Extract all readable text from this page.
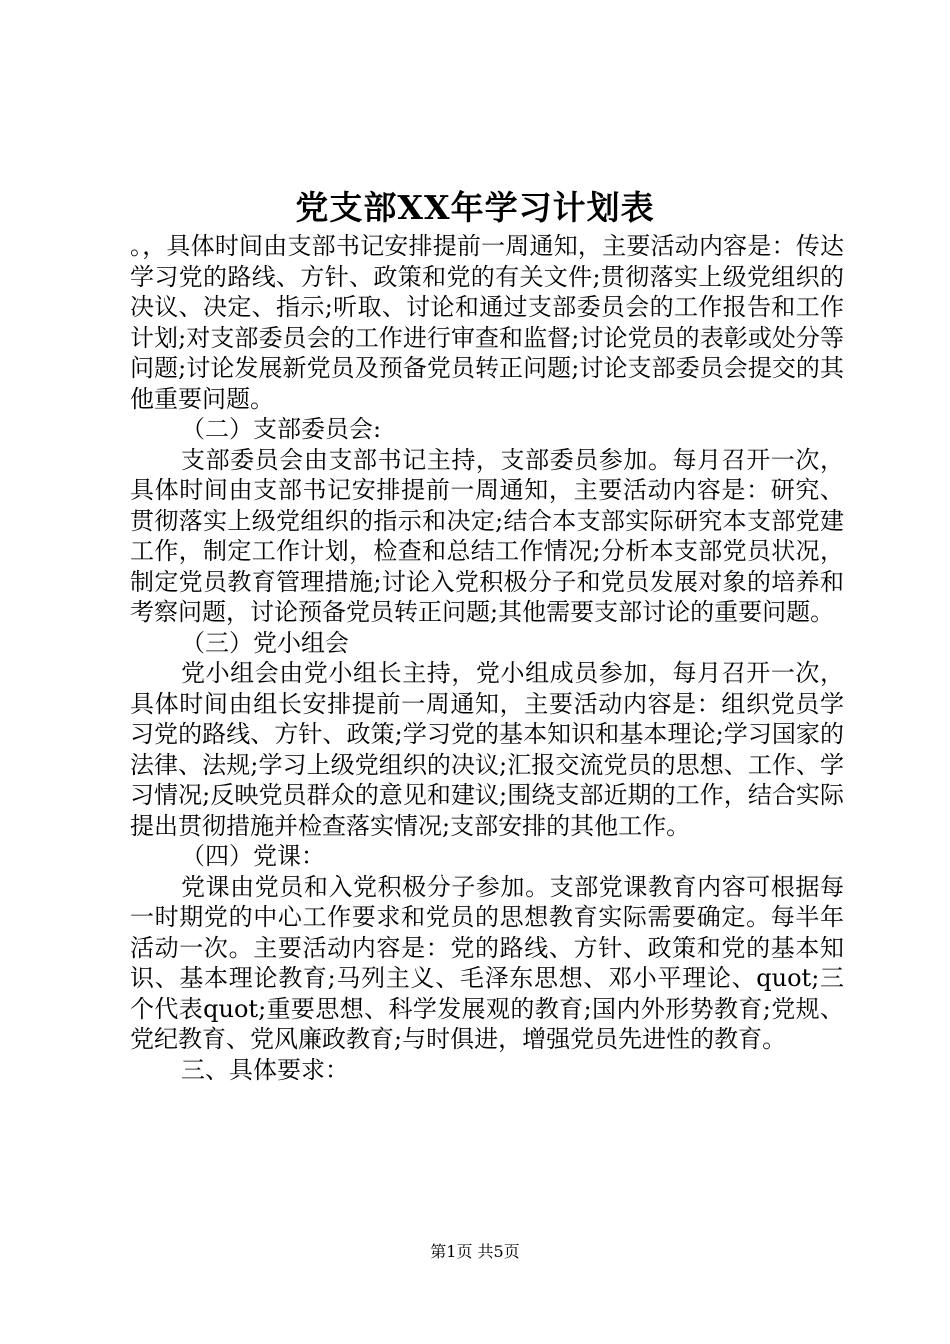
党支部XX年学习计划表

。，具体时间由支部书记安排提前一周通知，主要活动内容是：传达学习党的路线、方针、政策和党的有关文件;贯彻落实上级党组织的决议、决定、指示;听取、讨论和通过支部委员会的工作报告和工作计划;对支部委员会的工作进行审查和监督;讨论党员的表彰或处分等问题;讨论发展新党员及预备党员转正问题;讨论支部委员会提交的其他重要问题。

（二）支部委员会:

支部委员会由支部书记主持，支部委员参加。每月召开一次，具体时间由支部书记安排提前一周通知，主要活动内容是：研究、贯彻落实上级党组织的指示和决定;结合本支部实际研究本支部党建工作，制定工作计划，检查和总结工作情况;分析本支部党员状况，制定党员教育管理措施;讨论入党积极分子和党员发展对象的培养和考察问题，讨论预备党员转正问题;其他需要支部讨论的重要问题。

（三）党小组会

党小组会由党小组长主持，党小组成员参加，每月召开一次，具体时间由组长安排提前一周通知，主要活动内容是：组织党员学习党的路线、方针、政策;学习党的基本知识和基本理论;学习国家的法律、法规;学习上级党组织的决议;汇报交流党员的思想、工作、学习情况;反映党员群众的意见和建议;围绕支部近期的工作，结合实际提出贯彻措施并检查落实情况;支部安排的其他工作。

（四）党课：

党课由党员和入党积极分子参加。支部党课教育内容可根据每一时期党的中心工作要求和党员的思想教育实际需要确定。每半年活动一次。主要活动内容是：党的路线、方针、政策和党的基本知识、基本理论教育;马列主义、毛泽东思想、邓小平理论、quot;三个代表quot;重要思想、科学发展观的教育;国内外形势教育;党规、党纪教育、党风廉政教育;与时俱进，增强党员先进性的教育。

三、具体要求：

第1页 共5页
